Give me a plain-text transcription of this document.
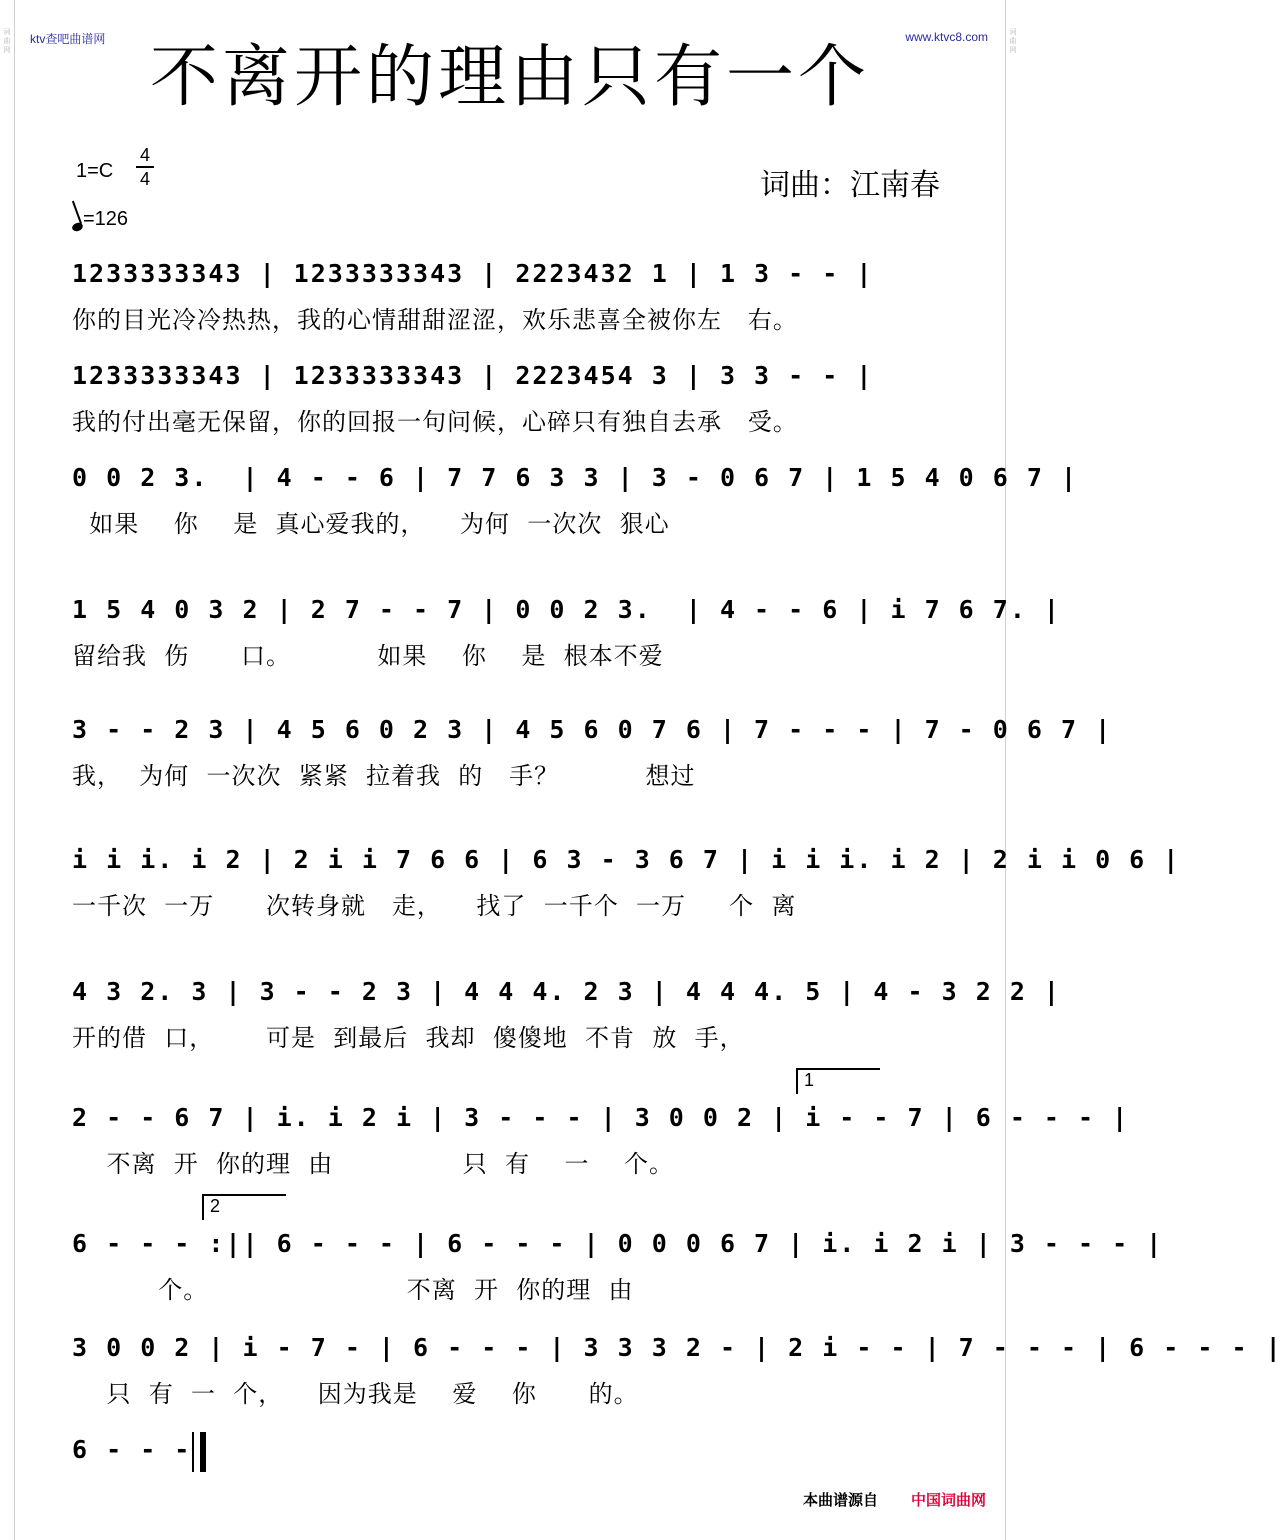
词
曲
网
词
曲
网
ktv查吧曲谱网	www.ktvc8.com
不离开的理由只有一个
1=C
4
4
=126
词曲：江南春
1233333343 | 1233333343 | 2223432 1 | 1 3 - - |
你的目光冷冷热热，我的心情甜甜涩涩，欢乐悲喜全被你左   右。
1233333343 | 1233333343 | 2223454 3 | 3 3 - - |
我的付出毫无保留，你的回报一句问候，心碎只有独自去承   受。
0 0 2 3.  | 4 - - 6 | 7 7 6 3 3 | 3 - 0 6 7 | 1 5 4 0 6 7 |
如果    你    是  真心爱我的，    为何  一次次  狠心
1 5 4 0 3 2 | 2 7 - - 7 | 0 0 2 3.  | 4 - - 6 | i 7 6 7. |
留给我  伤      口。          如果    你    是  根本不爱
3 - - 2 3 | 4 5 6 0 2 3 | 4 5 6 0 7 6 | 7 - - - | 7 - 0 6 7 |
我，  为何  一次次  紧紧  拉着我  的   手？          想过
i i i. i 2 | 2 i i 7 6 6 | 6 3 - 3 6 7 | i i i. i 2 | 2 i i 0 6 |
一千次  一万      次转身就   走，    找了  一千个  一万     个  离
4 3 2. 3 | 3 - - 2 3 | 4 4 4. 2 3 | 4 4 4. 5 | 4 - 3 2 2 |
开的借  口，      可是  到最后  我却  傻傻地  不肯  放  手，
1
2 - - 6 7 | i. i 2 i | 3 - - - | 3 0 0 2 | i - - 7 | 6 - - - |
不离  开  你的理  由               只  有    一    个。
2
6 - - - :|| 6 - - - | 6 - - - | 0 0 0 6 7 | i. i 2 i | 3 - - - |
个。                       不离  开  你的理  由
3 0 0 2 | i - 7 - | 6 - - - | 3 3 3 2 - | 2 i - - | 7 - - - | 6 - - - |
只  有  一  个，    因为我是    爱    你      的。
6 - - -
本曲谱源自 中国词曲网
